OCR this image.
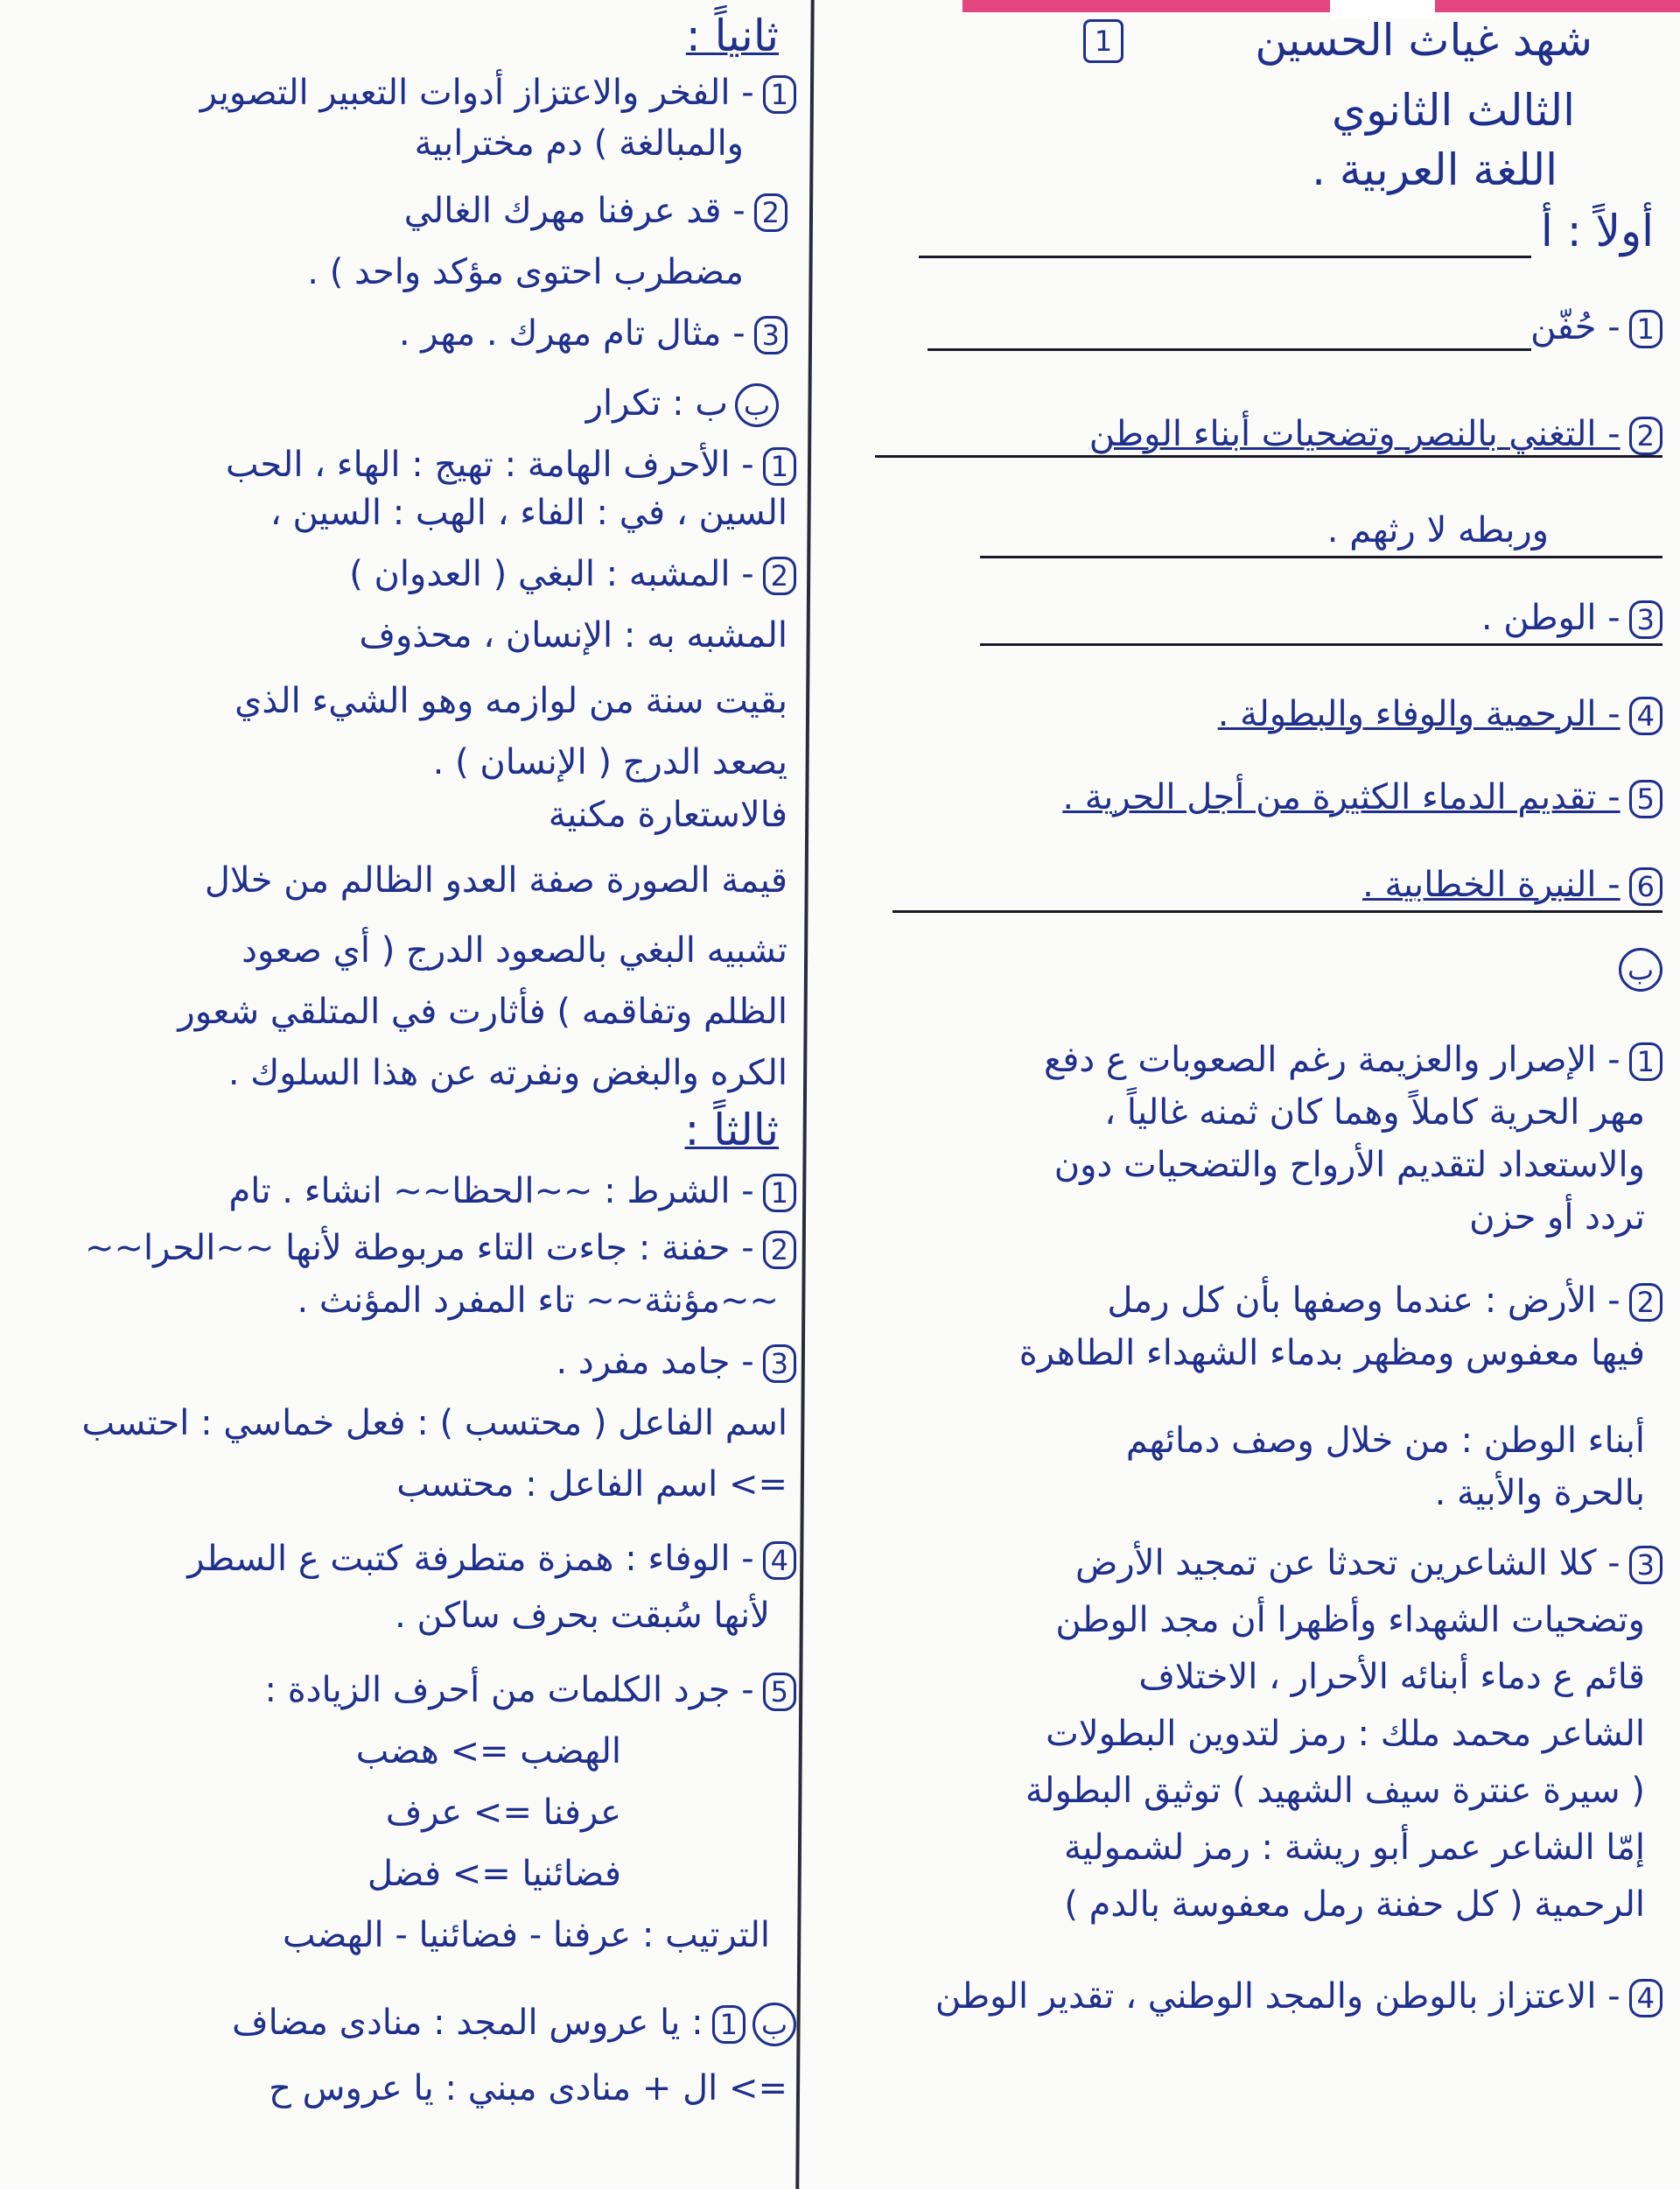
1	شهد غياث الحسين
الثالث الثانوي
اللغة العربية .
أولاً : أ
1- حُفّن
2- التغني بالنصر وتضحيات أبناء الوطن
وربطه لا رثهم .
3- الوطن .
4- الرحمية والوفاء والبطولة .
5- تقديم الدماء الكثيرة من أجل الحرية .
6- النبرة الخطابية .
ب
1- الإصرار والعزيمة رغم الصعوبات ع دفع
مهر الحرية كاملاً وهما كان ثمنه غالياً ،
والاستعداد لتقديم الأرواح والتضحيات دون
تردد أو حزن
2- الأرض : عندما وصفها بأن كل رمل
فيها معفوس ومظهر بدماء الشهداء الطاهرة
أبناء الوطن : من خلال وصف دمائهم
بالحرة والأبية .
3- كلا الشاعرين تحدثا عن تمجيد الأرض
وتضحيات الشهداء وأظهرا أن مجد الوطن
قائم ع دماء أبنائه الأحرار ، الاختلاف
الشاعر محمد ملك : رمز لتدوين البطولات
( سيرة عنترة سيف الشهيد ) توثيق البطولة
إمّا الشاعر عمر أبو ريشة : رمز لشمولية
الرحمية ( كل حفنة رمل معفوسة بالدم )
4- الاعتزاز بالوطن والمجد الوطني ، تقدير الوطن
ثانياً :
1- الفخر والاعتزاز أدوات التعبير التصوير
والمبالغة ) دم مخترابية
2- قد عرفنا مهرك الغالي
مضطرب احتوى مؤكد واحد ) .
3- مثال تام مهرك . مهر .
بب : تكرار
1- الأحرف الهامة : تهيج : الهاء ، الحب
السين ، في : الفاء ، الهب : السين ،
2- المشبه : البغي ( العدوان )
المشبه به : الإنسان ، محذوف
بقيت سنة من لوازمه وهو الشيء الذي
يصعد الدرج ( الإنسان ) .
فالاستعارة مكنية
قيمة الصورة صفة العدو الظالم من خلال
تشبيه البغي بالصعود الدرج ( أي صعود
الظلم وتفاقمه ) فأثارت في المتلقي شعور
الكره والبغض ونفرته عن هذا السلوك .
ثالثاً :
1- الشرط : ~~الحظا~~ انشاء . تام
2- حفنة : جاءت التاء مربوطة لأنها ~~الحرا~~
~~مؤنثة~~ تاء المفرد المؤنث .
3- جامد مفرد .
اسم الفاعل ( محتسب ) : فعل خماسي : احتسب
=> اسم الفاعل : محتسب
4- الوفاء : همزة متطرفة كتبت ع السطر
لأنها سُبقت بحرف ساكن .
5- جرد الكلمات من أحرف الزيادة :
الهضب => هضب
عرفنا => عرف
فضائنيا => فضل
الترتيب : عرفنا - فضائنيا - الهضب
ب1: يا عروس المجد : منادى مضاف
=> ال + منادى مبني : يا عروس ح
